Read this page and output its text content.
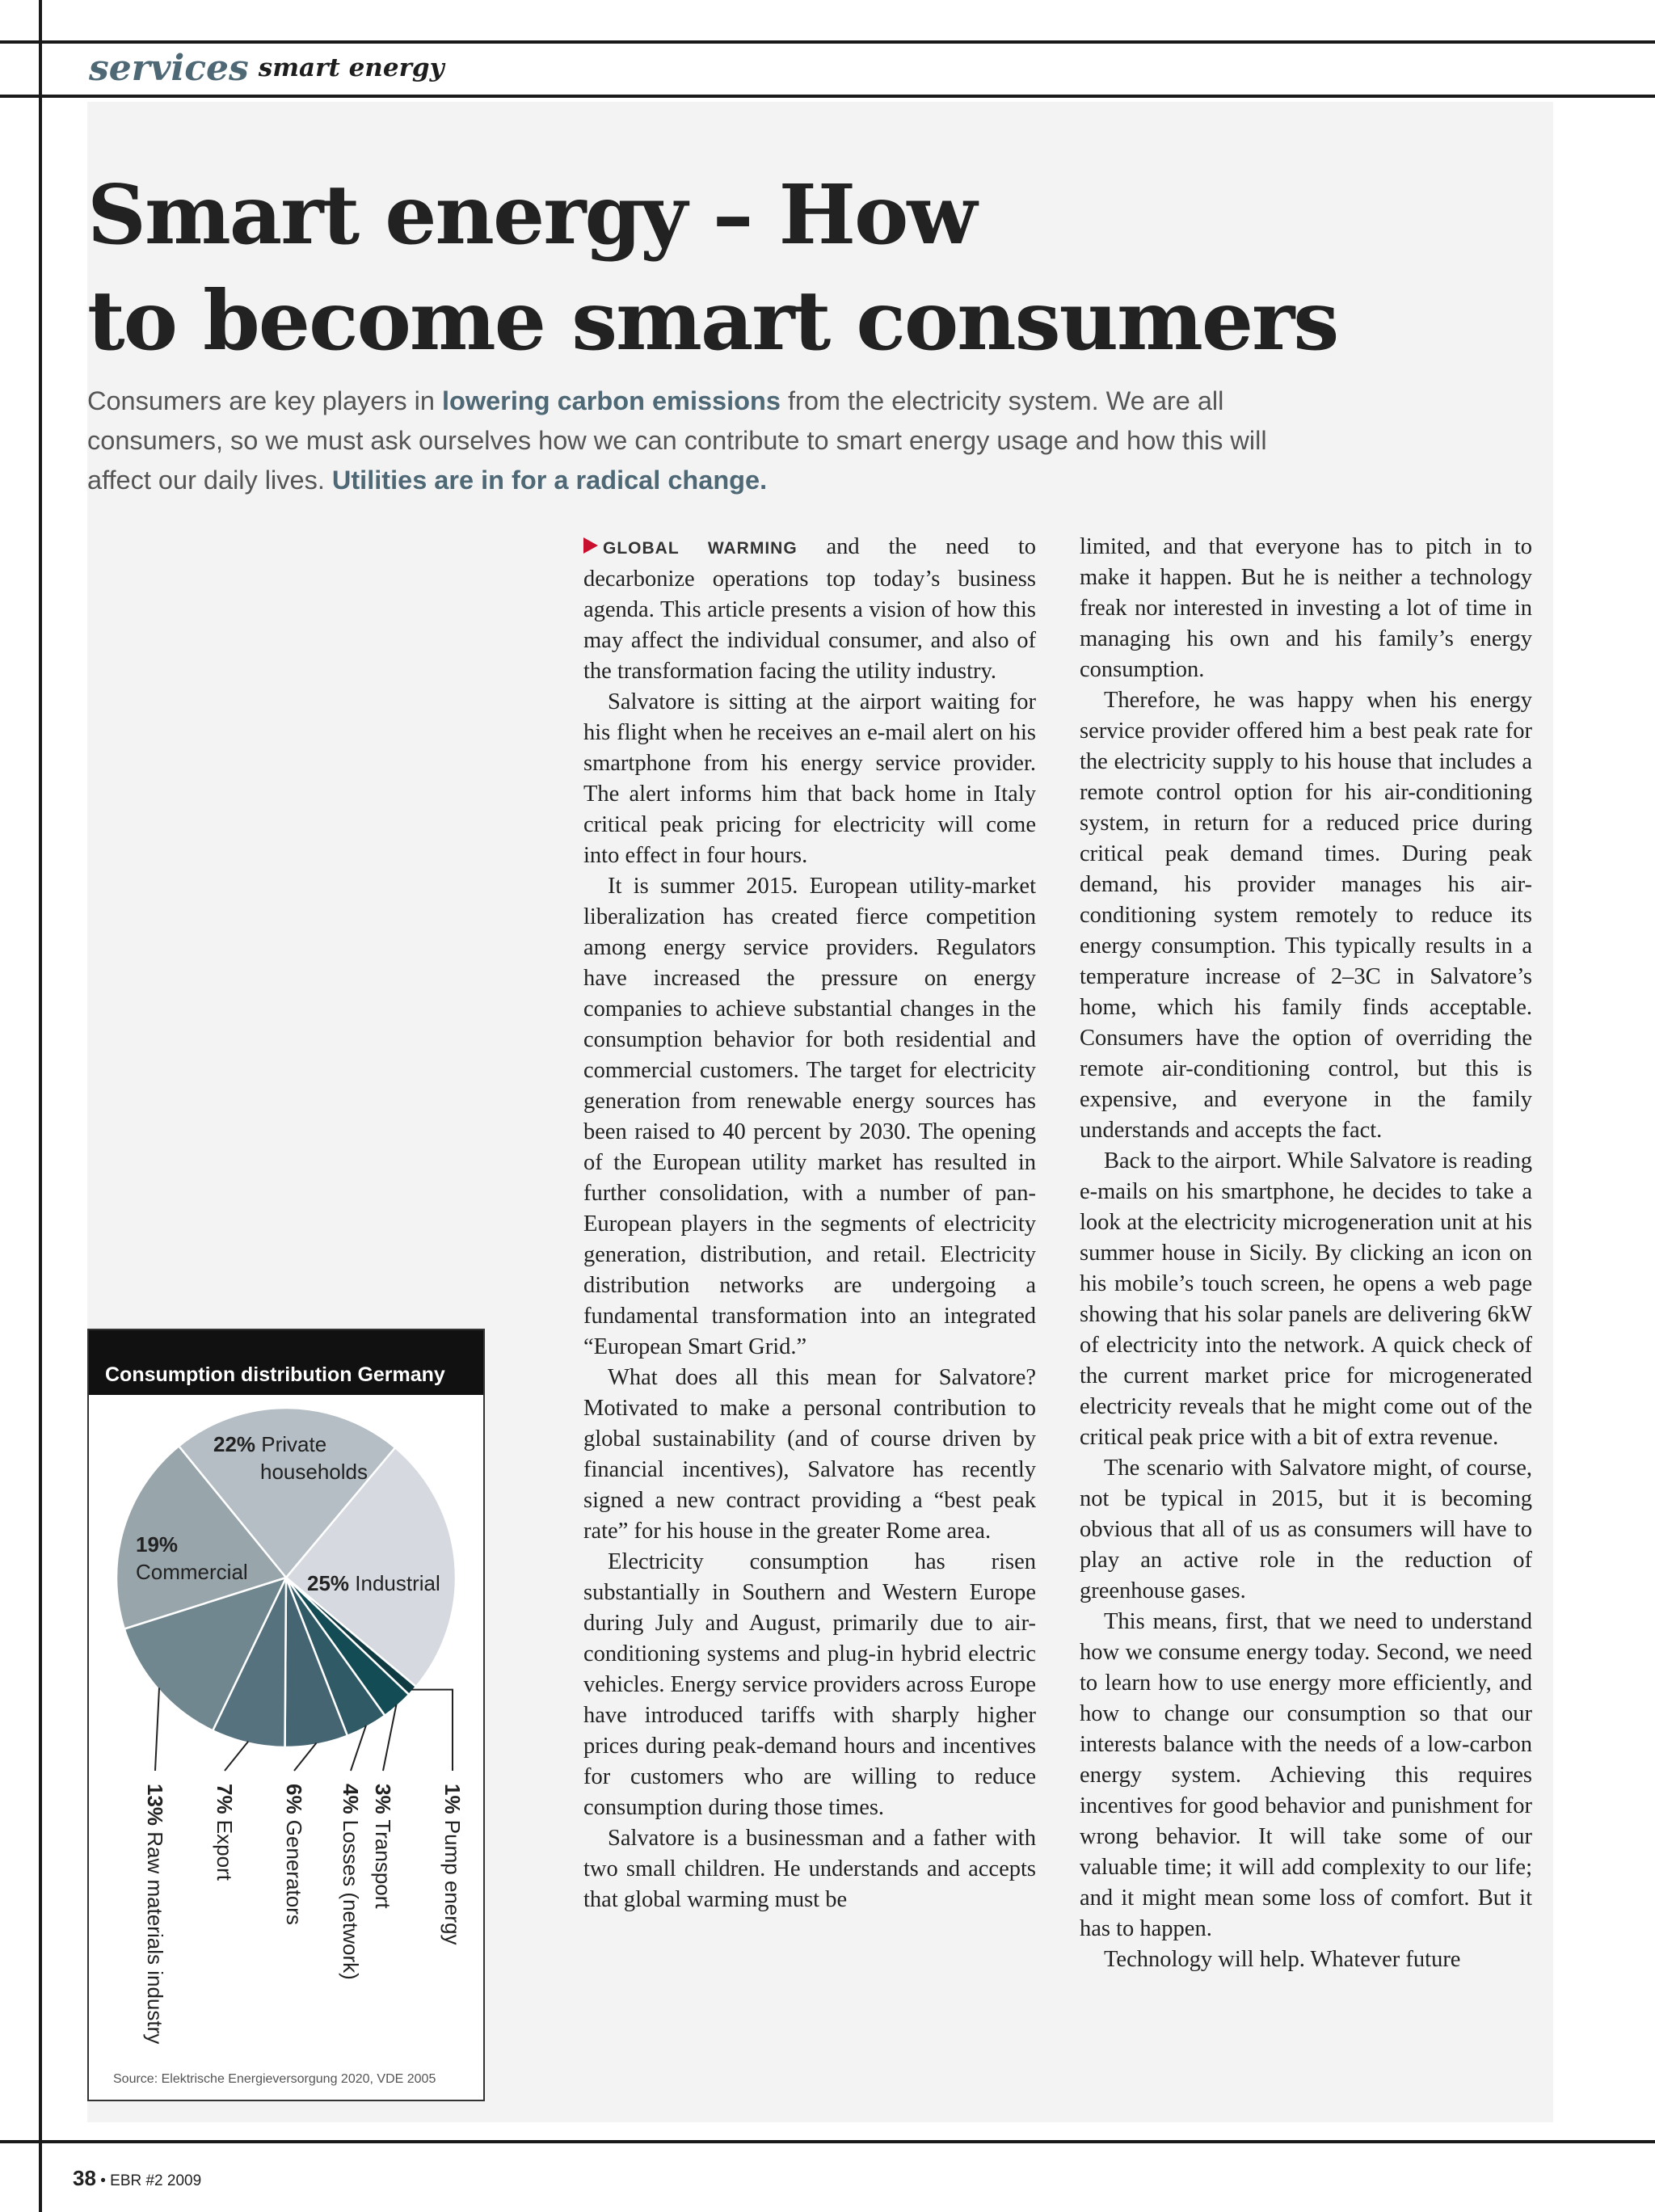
services smart energy
Smart energy – How
to become smart consumers

Consumers are key players in lowering carbon emissions from the electricity system. We are all consumers, so we must ask ourselves how we can contribute to smart energy usage and how this will affect our daily lives. Utilities are in for a radical change.

GLOBAL WARMING and the need to decarbonize operations top today’s business agenda. This article presents a vision of how this may affect the individual consumer, and also of the transformation facing the utility industry.

Salvatore is sitting at the airport waiting for his flight when he receives an e-mail alert on his smartphone from his energy service provider. The alert informs him that back home in Italy critical peak pricing for electricity will come into effect in four hours.

It is summer 2015. European utility-market liberalization has created fierce competition among energy service providers. Regulators have increased the pressure on energy companies to achieve substantial changes in the consumption behavior for both residential and commercial customers. The target for electricity generation from renewable energy sources has been raised to 40 percent by 2030. The opening of the European utility market has resulted in further consolidation, with a number of pan-European players in the segments of electricity generation, distribution, and retail. Electricity distribution networks are undergoing a fundamental transformation into an integrated “European Smart Grid.”

What does all this mean for Salvatore? Motivated to make a personal contribution to global sustainability (and of course driven by financial incentives), Salvatore has recently signed a new contract providing a “best peak rate” for his house in the greater Rome area.

Electricity consumption has risen substantially in Southern and Western Europe during July and August, primarily due to air-conditioning systems and plug-in hybrid electric vehicles. Energy service providers across Europe have introduced tariffs with sharply higher prices during peak-demand hours and incentives for customers who are willing to reduce consumption during those times.

Salvatore is a businessman and a father with two small children. He understands and accepts that global warming must be

limited, and that everyone has to pitch in to make it happen. But he is neither a technology freak nor interested in investing a lot of time in managing his own and his family’s energy consumption.

Therefore, he was happy when his energy service provider offered him a best peak rate for the electricity supply to his house that includes a remote control option for his air-conditioning system, in return for a reduced price during critical peak demand times. During peak demand, his provider manages his air-conditioning system remotely to reduce its energy consumption. This typically results in a temperature increase of 2–3C in Salvatore’s home, which his family finds acceptable. Consumers have the option of overriding the remote air-conditioning control, but this is expensive, and everyone in the family understands and accepts the fact.

Back to the airport. While Salvatore is reading e-mails on his smartphone, he decides to take a look at the electricity microgeneration unit at his summer house in Sicily. By clicking an icon on his mobile’s touch screen, he opens a web page showing that his solar panels are delivering 6kW of electricity into the network. A quick check of the current market price for microgenerated electricity reveals that he might come out of the critical peak price with a bit of extra revenue.

The scenario with Salvatore might, of course, not be typical in 2015, but it is becoming obvious that all of us as consumers will have to play an active role in the reduction of greenhouse gases.

This means, first, that we need to understand how we consume energy today. Second, we need to learn how to use energy more efficiently, and how to change our consumption so that our interests balance with the needs of a low-carbon energy system. Achieving this requires incentives for good behavior and punishment for wrong behavior. It will take some of our valuable time; it will add complexity to our life; and it might mean some loss of comfort. But it has to happen.

Technology will help. Whatever future

Consumption distribution Germany
25% Industrial
19%
Commercial
22% Private
households
1% Pump energy
3% Transport
4% Losses (network)
6% Generators
7% Export
13% Raw materials industry
Source: Elektrische Energieversorgung 2020, VDE 2005
38 • EBR #2 2009
